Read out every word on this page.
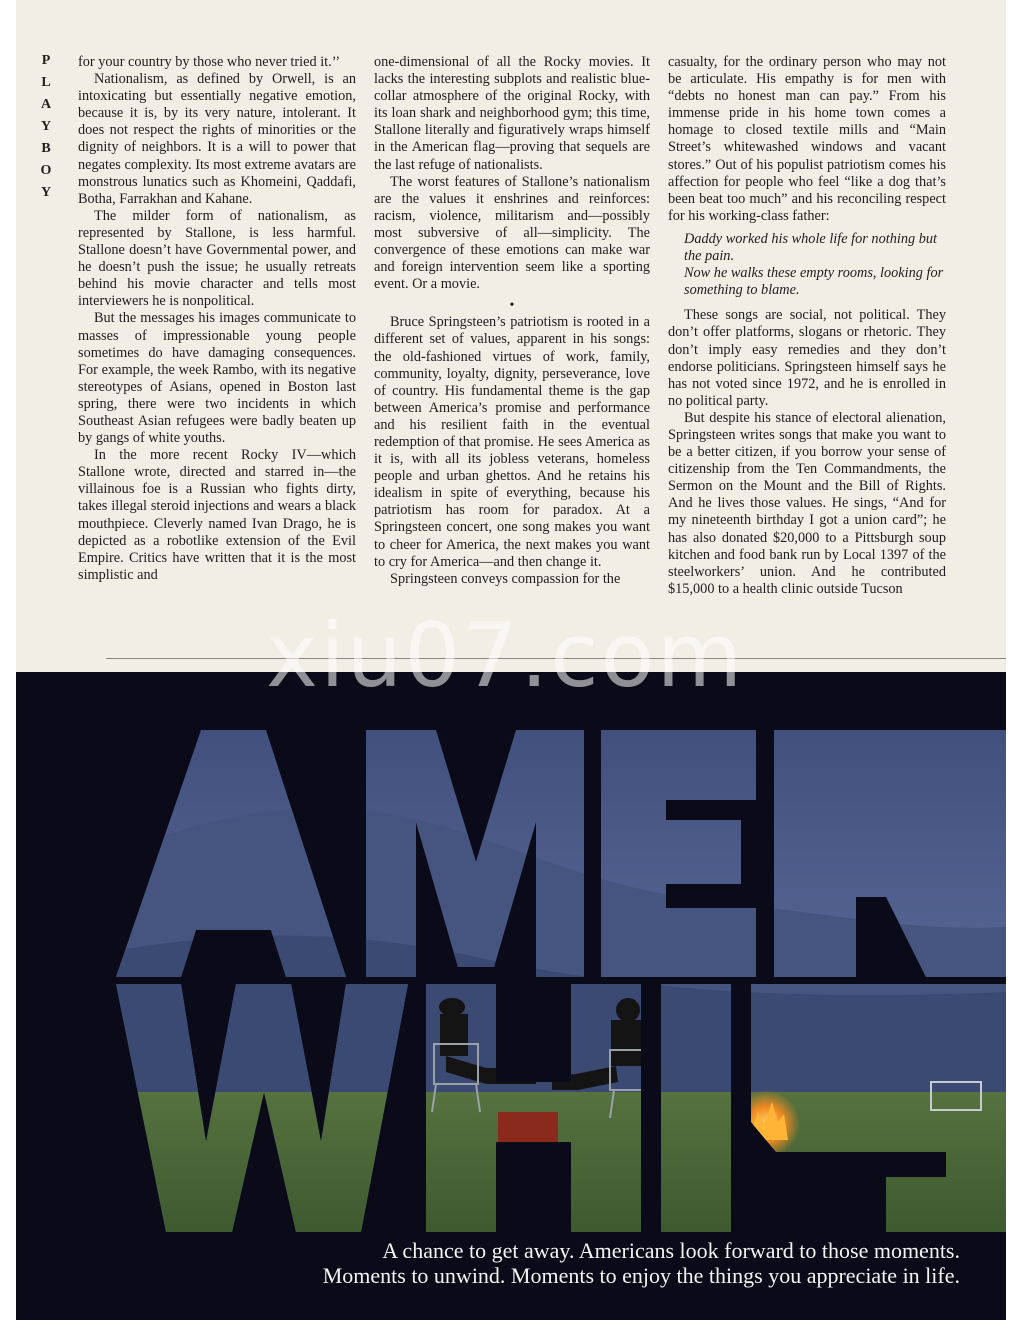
P
L
A
Y
B
O
Y

for your country by those who never tried it.’’

Nationalism, as defined by Orwell, is an intoxicating but essentially negative emotion, because it is, by its very nature, intolerant. It does not respect the rights of minorities or the dignity of neighbors. It is a will to power that negates complexity. Its most extreme avatars are monstrous lunatics such as Khomeini, Qaddafi, Botha, Farrakhan and Kahane.

The milder form of nationalism, as represented by Stallone, is less harmful. Stallone doesn’t have Governmental power, and he doesn’t push the issue; he usually retreats behind his movie character and tells most interviewers he is nonpolitical.

But the messages his images communicate to masses of impressionable young people sometimes do have damaging consequences. For example, the week Rambo, with its negative stereotypes of Asians, opened in Boston last spring, there were two incidents in which Southeast Asian refugees were badly beaten up by gangs of white youths.

In the more recent Rocky IV—which Stallone wrote, directed and starred in—the villainous foe is a Russian who fights dirty, takes illegal steroid injections and wears a black mouthpiece. Cleverly named Ivan Drago, he is depicted as a robotlike extension of the Evil Empire. Critics have written that it is the most simplistic and

one-dimensional of all the Rocky movies. It lacks the interesting subplots and realistic blue-collar atmosphere of the original Rocky, with its loan shark and neighborhood gym; this time, Stallone literally and figuratively wraps himself in the American flag—proving that sequels are the last refuge of nationalists.

The worst features of Stallone’s nationalism are the values it enshrines and reinforces: racism, violence, militarism and—possibly most subversive of all—simplicity. The convergence of these emotions can make war and foreign intervention seem like a sporting event. Or a movie.

•

Bruce Springsteen’s patriotism is rooted in a different set of values, apparent in his songs: the old-fashioned virtues of work, family, community, loyalty, dignity, perseverance, love of country. His fundamental theme is the gap between America’s promise and performance and his resilient faith in the eventual redemption of that promise. He sees America as it is, with all its jobless veterans, homeless people and urban ghettos. And he retains his idealism in spite of everything, because his patriotism has room for paradox. At a Springsteen concert, one song makes you want to cheer for America, the next makes you want to cry for America—and then change it.

Springsteen conveys compassion for the

casualty, for the ordinary person who may not be articulate. His empathy is for men with “debts no honest man can pay.” From his immense pride in his home town comes a homage to closed textile mills and “Main Street’s whitewashed windows and vacant stores.” Out of his populist patriotism comes his affection for people who feel “like a dog that’s been beat too much” and his reconciling respect for his working-class father:

Daddy worked his whole life for nothing but the pain.

Now he walks these empty rooms, looking for something to blame.

These songs are social, not political. They don’t offer platforms, slogans or rhetoric. They don’t imply easy remedies and they don’t endorse politicians. Springsteen himself says he has not voted since 1972, and he is enrolled in no political party.

But despite his stance of electoral alienation, Springsteen writes songs that make you want to be a better citizen, if you borrow your sense of citizenship from the Ten Commandments, the Sermon on the Mount and the Bill of Rights. And he lives those values. He sings, “And for my nineteenth birthday I got a union card”; he has also donated $20,000 to a Pittsburgh soup kitchen and food bank run by Local 1397 of the steelworkers’ union. And he contributed $15,000 to a health clinic outside Tucson

A chance to get away. Americans look forward to those moments.
Moments to unwind. Moments to enjoy the things you appreciate in life.
xiu07.com
